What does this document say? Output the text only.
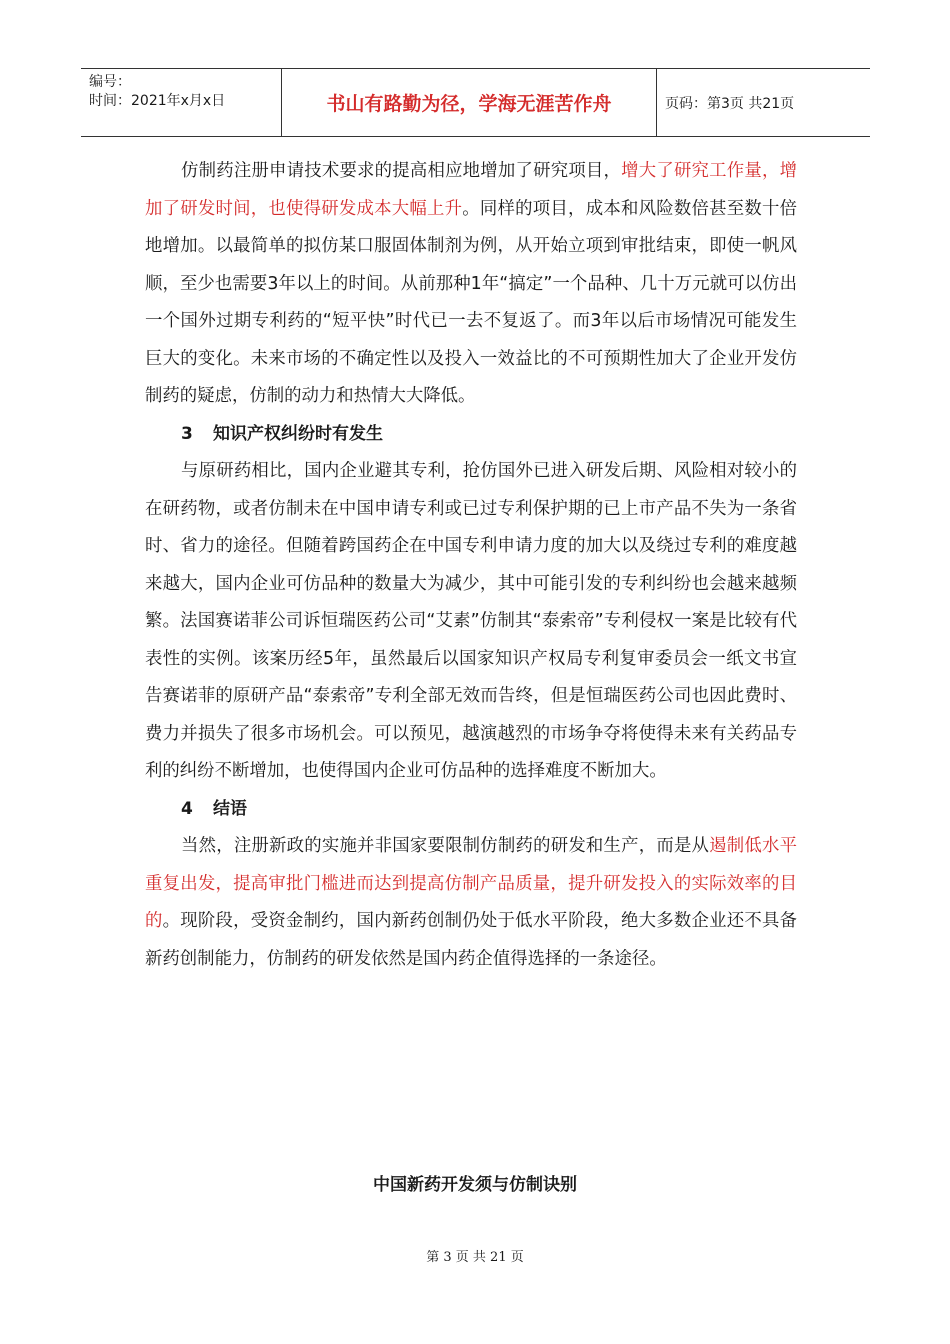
编号：
时间：2021年x月x日	书山有路勤为径，学海无涯苦作舟	页码：第3页 共21页

仿制药注册申请技术要求的提高相应地增加了研究项目，增大了研究工作量，增加了研发时间，也使得研发成本大幅上升。同样的项目，成本和风险数倍甚至数十倍地增加。以最简单的拟仿某口服固体制剂为例，从开始立项到审批结束，即使一帆风顺，至少也需要3年以上的时间。从前那种1年“搞定”一个品种、几十万元就可以仿出一个国外过期专利药的“短平快”时代已一去不复返了。而3年以后市场情况可能发生巨大的变化。未来市场的不确定性以及投入一效益比的不可预期性加大了企业开发仿制药的疑虑，仿制的动力和热情大大降低。

3 知识产权纠纷时有发生

与原研药相比，国内企业避其专利，抢仿国外已进入研发后期、风险相对较小的在研药物，或者仿制未在中国申请专利或已过专利保护期的已上市产品不失为一条省时、省力的途径。但随着跨国药企在中国专利申请力度的加大以及绕过专利的难度越来越大，国内企业可仿品种的数量大为减少，其中可能引发的专利纠纷也会越来越频繁。法国赛诺菲公司诉恒瑞医药公司“艾素”仿制其“泰索帝”专利侵权一案是比较有代表性的实例。该案历经5年，虽然最后以国家知识产权局专利复审委员会一纸文书宣告赛诺菲的原研产品“泰索帝”专利全部无效而告终，但是恒瑞医药公司也因此费时、费力并损失了很多市场机会。可以预见，越演越烈的市场争夺将使得未来有关药品专利的纠纷不断增加，也使得国内企业可仿品种的选择难度不断加大。

4 结语

当然，注册新政的实施并非国家要限制仿制药的研发和生产，而是从遏制低水平重复出发，提高审批门槛进而达到提高仿制产品质量，提升研发投入的实际效率的目的。现阶段，受资金制约，国内新药创制仍处于低水平阶段，绝大多数企业还不具备新药创制能力，仿制药的研发依然是国内药企值得选择的一条途径。

中国新药开发须与仿制诀别
第 3 页 共 21 页
